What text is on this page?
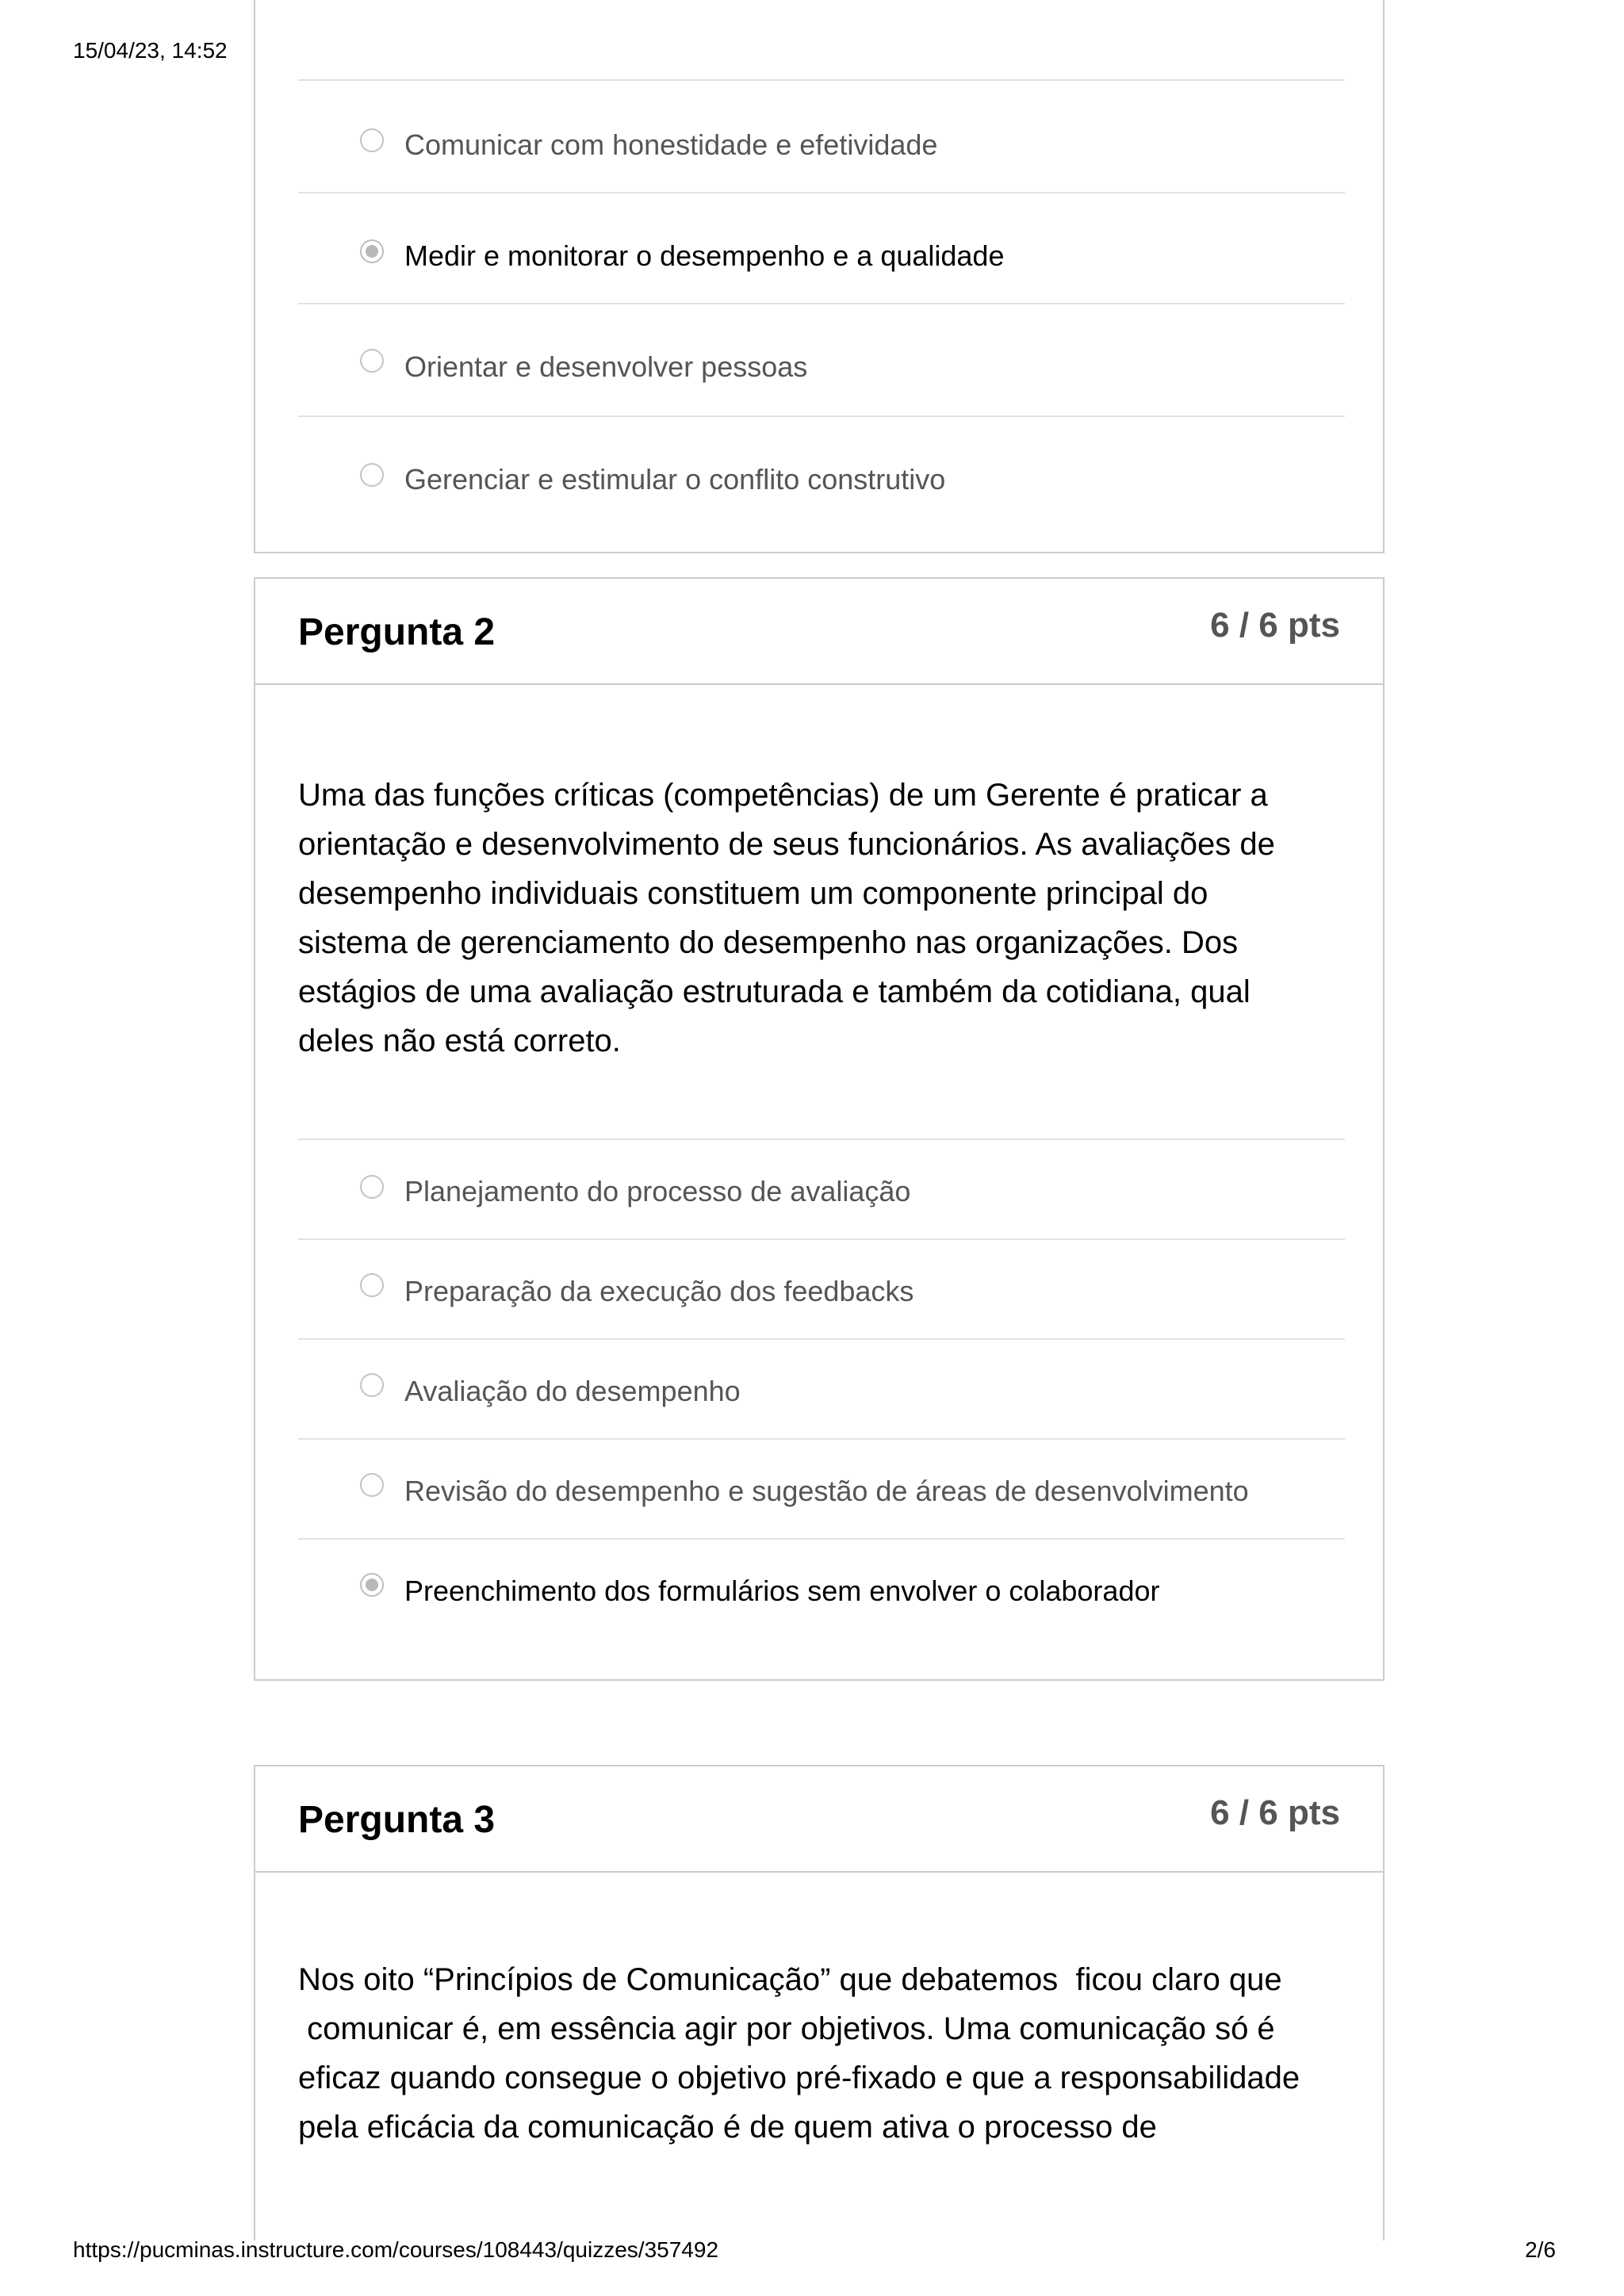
15/04/23, 14:52
Comunicar com honestidade e efetividade
Medir e monitorar o desempenho e a qualidade
Orientar e desenvolver pessoas
Gerenciar e estimular o conflito construtivo
Pergunta 2	6 / 6 pts
Uma das funções críticas (competências) de um Gerente é praticar a
orientação e desenvolvimento de seus funcionários. As avaliações de
desempenho individuais constituem um componente principal do
sistema de gerenciamento do desempenho nas organizações. Dos
estágios de uma avaliação estruturada e também da cotidiana, qual
deles não está correto.
Planejamento do processo de avaliação
Preparação da execução dos feedbacks
Avaliação do desempenho
Revisão do desempenho e sugestão de áreas de desenvolvimento
Preenchimento dos formulários sem envolver o colaborador
Pergunta 3	6 / 6 pts
Nos oito “Princípios de Comunicação” que debatemos  ficou claro que
comunicar é, em essência agir por objetivos. Uma comunicação só é
eficaz quando consegue o objetivo pré-fixado e que a responsabilidade
pela eficácia da comunicação é de quem ativa o processo de
https://pucminas.instructure.com/courses/108443/quizzes/357492	2/6
